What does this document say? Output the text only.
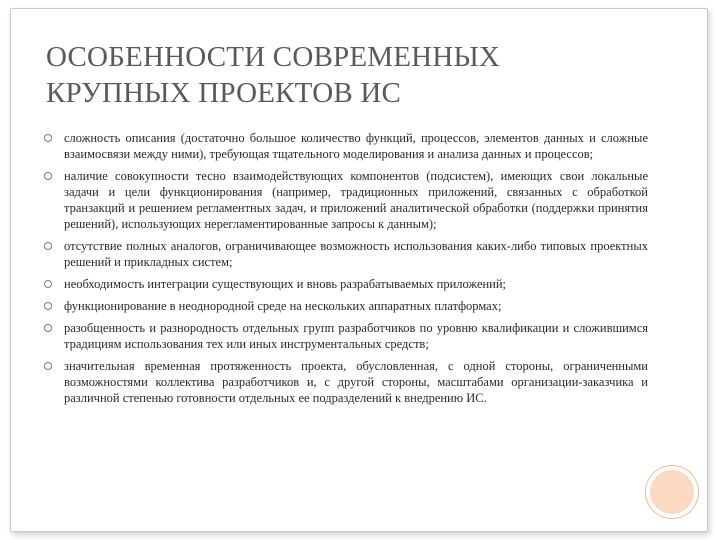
ОСОБЕННОСТИ СОВРЕМЕННЫХ КРУПНЫХ ПРОЕКТОВ ИС
сложность описания (достаточно большое количество функций, процессов, элементов данных и сложные взаимосвязи между ними), требующая тщательного моделирования и анализа данных и процессов;
наличие совокупности тесно взаимодействующих компонентов (подсистем), имеющих свои локальные задачи и цели функционирования (например, традиционных приложений, связанных с обработкой транзакций и решением регламентных задач, и приложений аналитической обработки (поддержки принятия решений), использующих нерегламентированные запросы к данным);
отсутствие полных аналогов, ограничивающее возможность использования каких-либо типовых проектных решений и прикладных систем;
необходимость интеграции существующих и вновь разрабатываемых приложений;
функционирование в неоднородной среде на нескольких аппаратных платформах;
разобщенность и разнородность отдельных групп разработчиков по уровню квалификации и сложившимся традициям использования тех или иных инструментальных средств;
значительная временная протяженность проекта, обусловленная, с одной стороны, ограниченными возможностями коллектива разработчиков и, с другой стороны, масштабами организации-заказчика и различной степенью готовности отдельных ее подразделений к внедрению ИС.
